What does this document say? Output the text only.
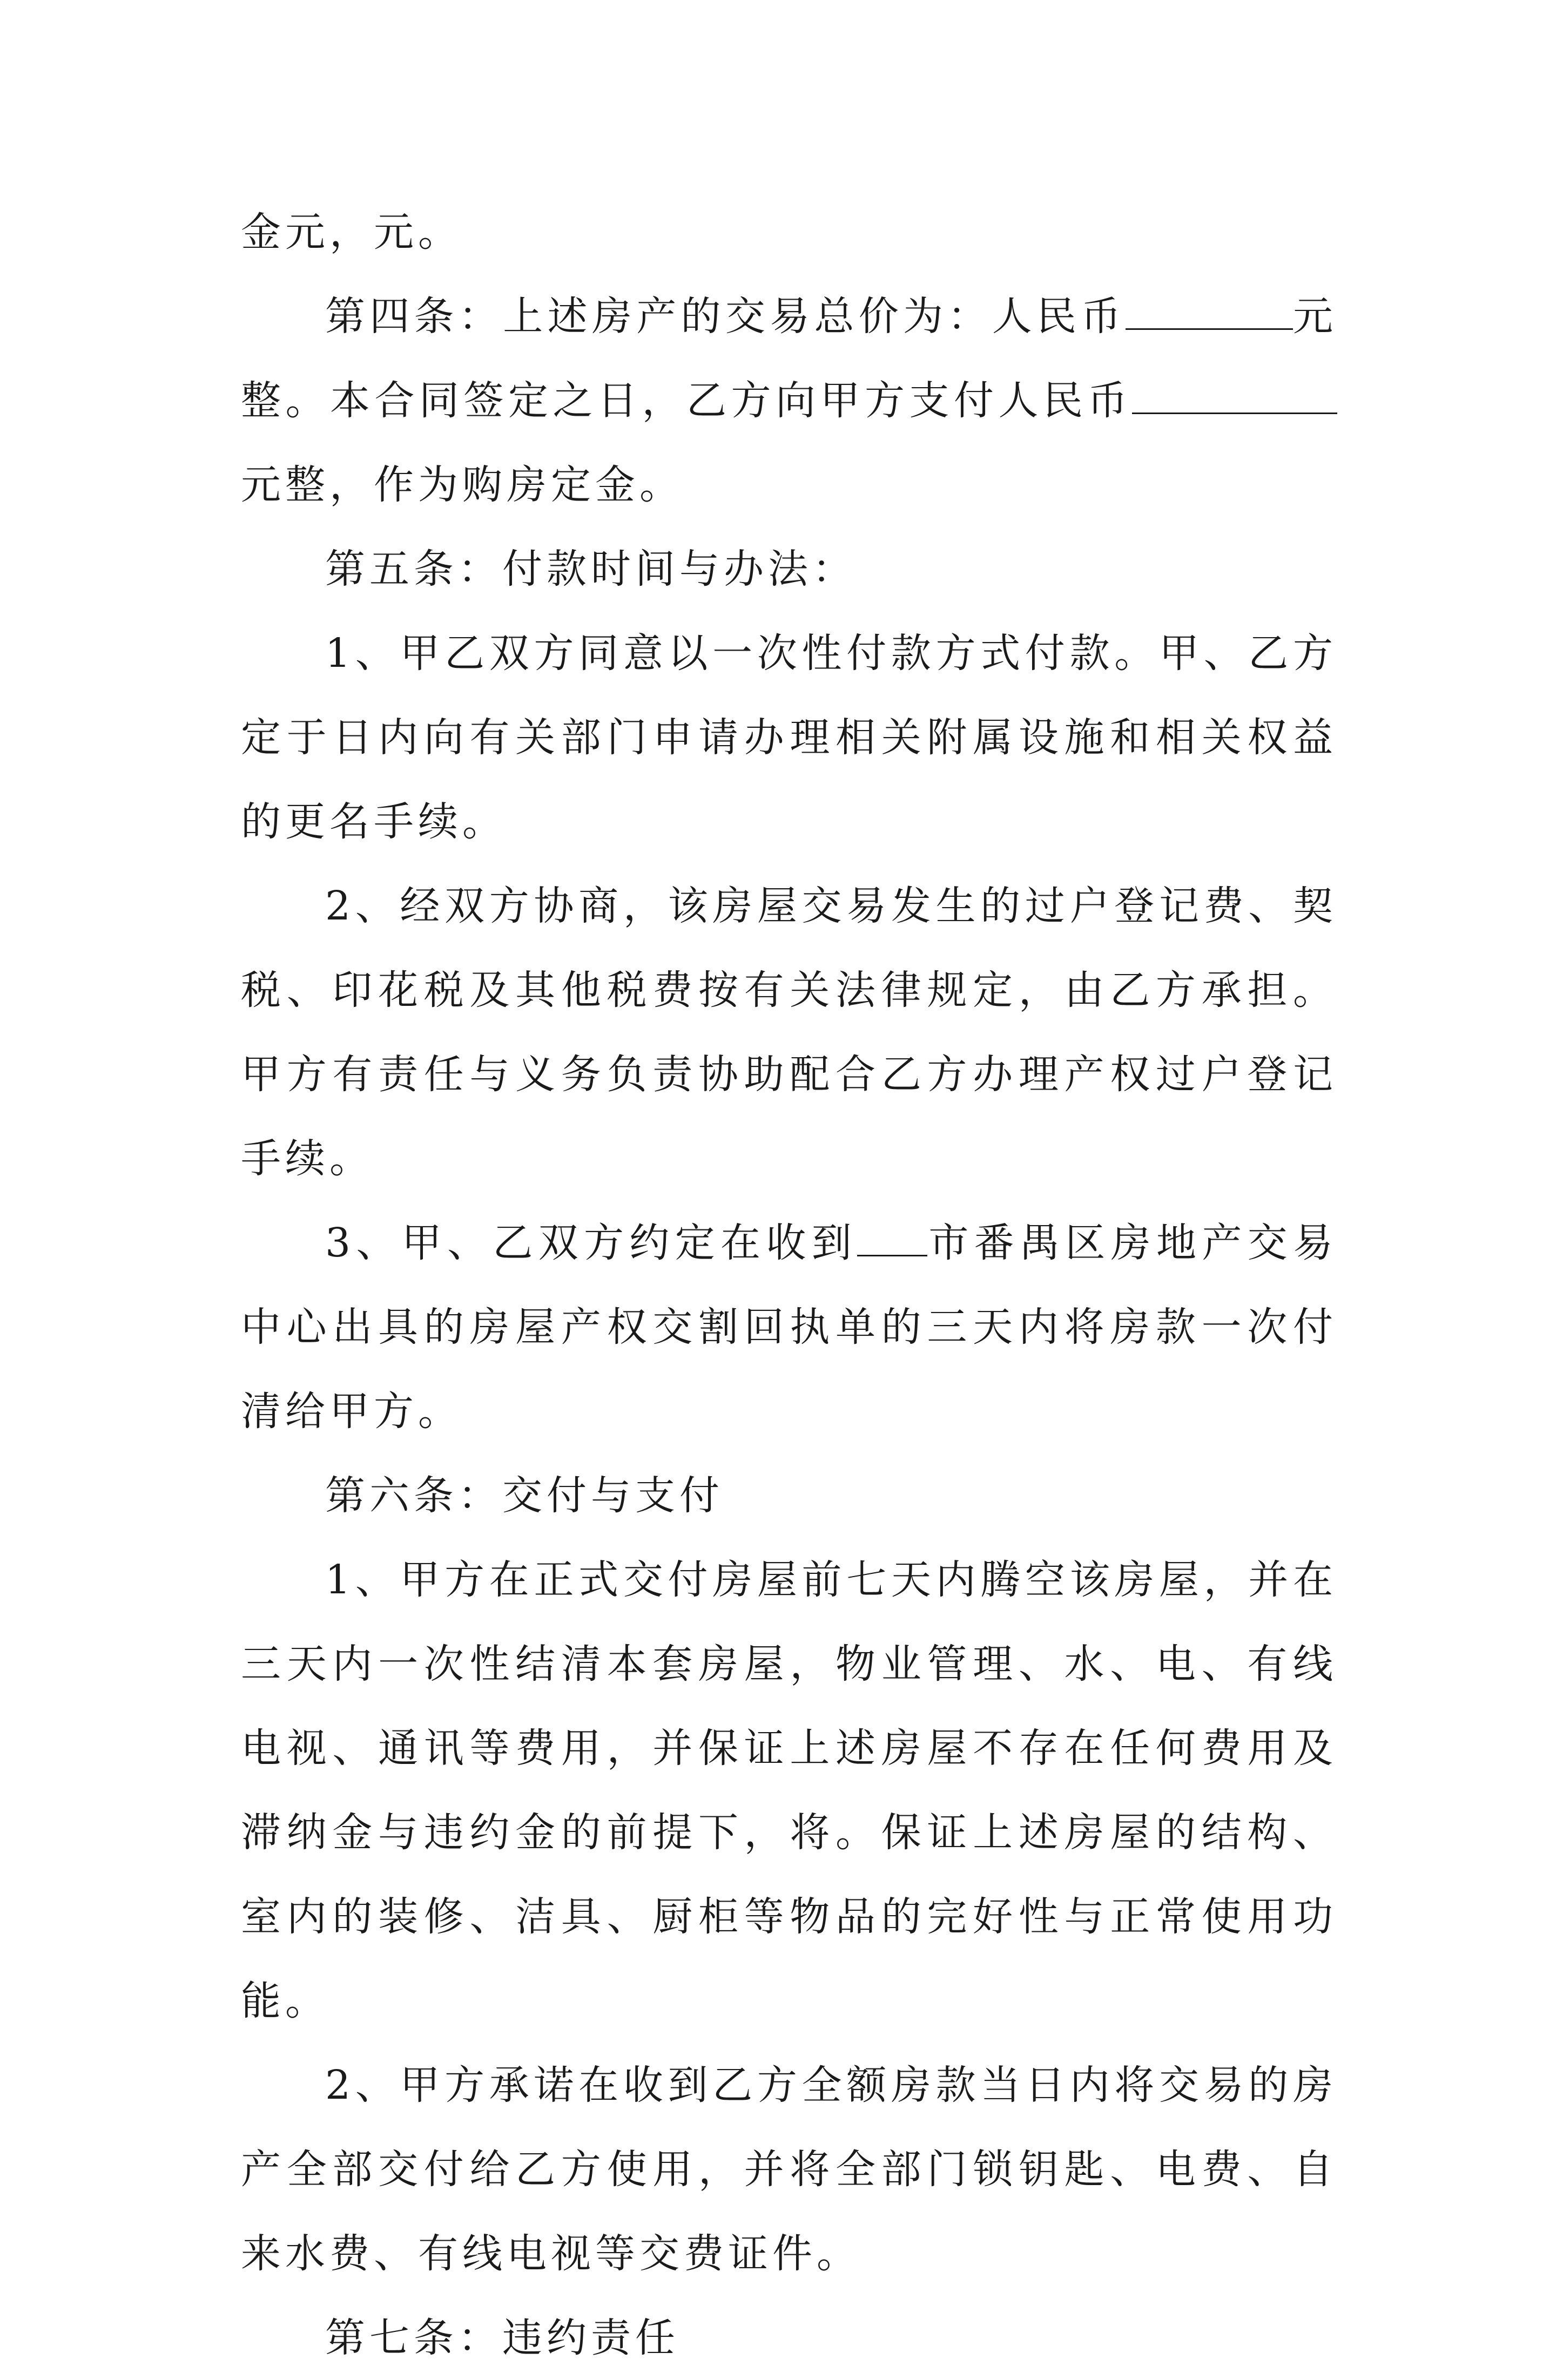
金元，元。

第四条：上述房产的交易总价为：人民币	元整。本合同签定之日，乙方向甲方支付人民币元整，作为购房定金。

第五条：付款时间与办法：

1、甲乙双方同意以一次性付款方式付款。甲、乙方定于日内向有关部门申请办理相关附属设施和相关权益的更名手续。

2、经双方协商，该房屋交易发生的过户登记费、契税、印花税及其他税费按有关法律规定，由乙方承担。甲方有责任与义务负责协助配合乙方办理产权过户登记手续。

3、甲、乙双方约定在收到 市番禺区房地产交易中心出具的房屋产权交割回执单的三天内将房款一次付清给甲方。

第六条：交付与支付

1、甲方在正式交付房屋前七天内腾空该房屋，并在三天内一次性结清本套房屋，物业管理、水、电、有线电视、通讯等费用，并保证上述房屋不存在任何费用及滞纳金与违约金的前提下，将。保证上述房屋的结构、室内的装修、洁具、厨柜等物品的完好性与正常使用功能。

2、甲方承诺在收到乙方全额房款当日内将交易的房产全部交付给乙方使用，并将全部门锁钥匙、电费、自来水费、有线电视等交费证件。

第七条：违约责任
